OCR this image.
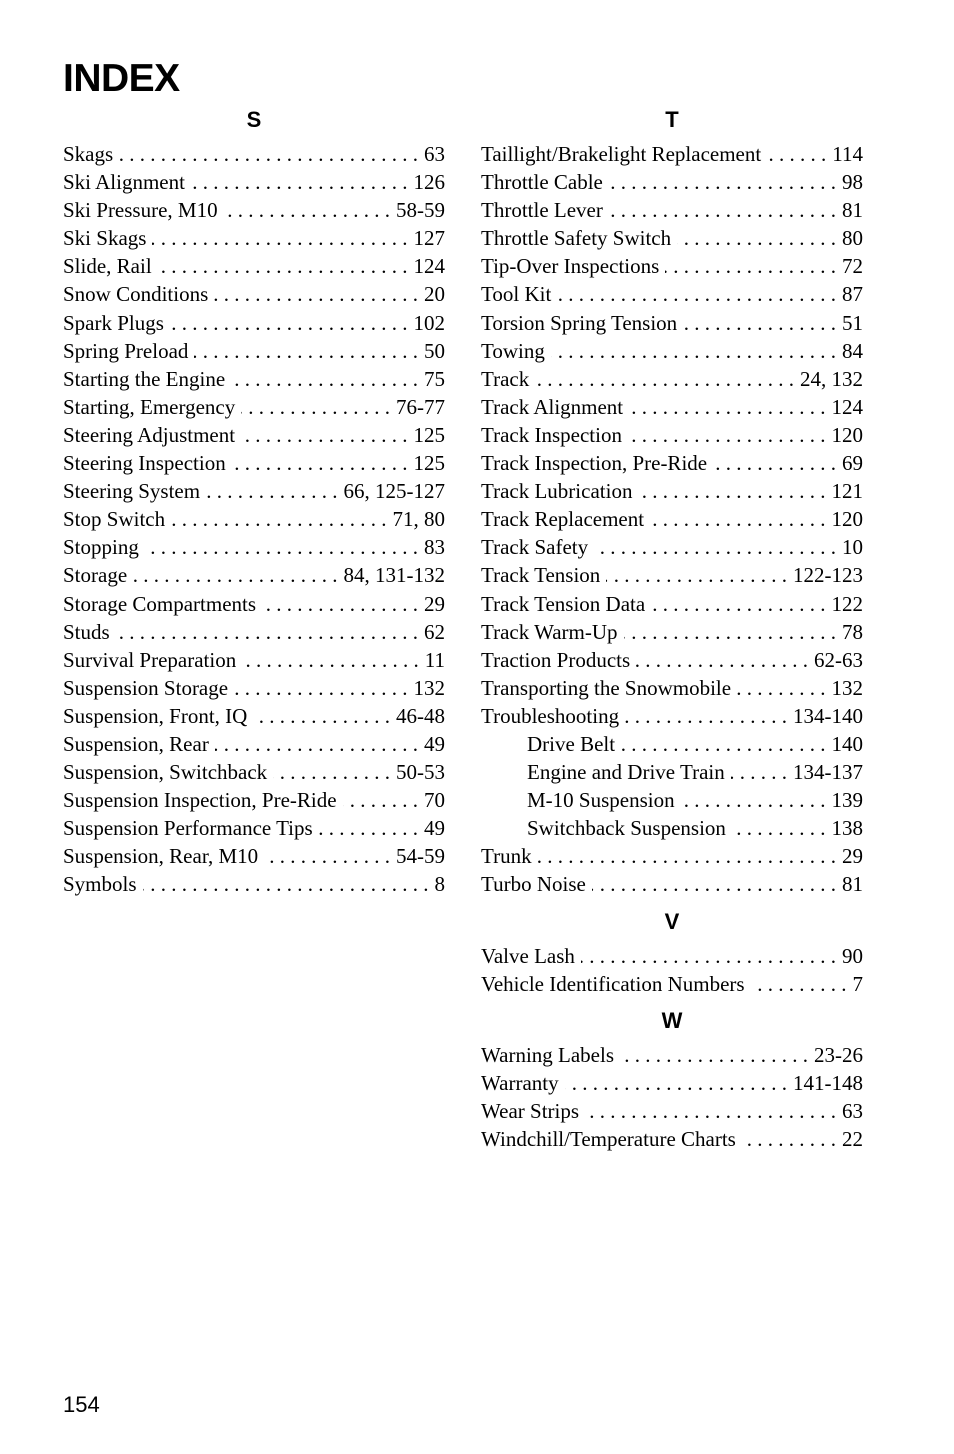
INDEX
S
Skags . . .	63
Ski Alignment . . .	126
Ski Pressure, M10 . . .	58-59
Ski Skags . . .	127
Slide, Rail . . .	124
Snow Conditions . . .	20
Spark Plugs . . .	102
Spring Preload . . .	50
Starting the Engine . . .	75
Starting, Emergency . . .	76-77
Steering Adjustment . . .	125
Steering Inspection . . .	125
Steering System . . .	66, 125-127
Stop Switch . . .	71, 80
Stopping . . .	83
Storage . . .	84, 131-132
Storage Compartments . . .	29
Studs . . .	62
Survival Preparation . . .	11
Suspension Storage . . .	132
Suspension, Front, IQ . . .	46-48
Suspension, Rear . . .	49
Suspension, Switchback . . .	50-53
Suspension Inspection, Pre-Ride . . .	70
Suspension Performance Tips . . .	49
Suspension, Rear, M10 . . .	54-59
Symbols . . .	8
T
Taillight/Brakelight Replacement . . .	114
Throttle Cable . . .	98
Throttle Lever . . .	81
Throttle Safety Switch . . .	80
Tip-Over Inspections . . .	72
Tool Kit . . .	87
Torsion Spring Tension . . .	51
Towing . . .	84
Track . . .	24, 132
Track Alignment . . .	124
Track Inspection . . .	120
Track Inspection, Pre-Ride . . .	69
Track Lubrication . . .	121
Track Replacement . . .	120
Track Safety . . .	10
Track Tension . . .	122-123
Track Tension Data . . .	122
Track Warm-Up . . .	78
Traction Products . . .	62-63
Transporting the Snowmobile . . .	132
Troubleshooting . . .	134-140
Drive Belt . . .	140
Engine and Drive Train . . .	134-137
M-10 Suspension . . .	139
Switchback Suspension . . .	138
Trunk . . .	29
Turbo Noise . . .	81
V
Valve Lash . . .	90
Vehicle Identification Numbers . . .	7
W
Warning Labels . . .	23-26
Warranty . . .	141-148
Wear Strips . . .	63
Windchill/Temperature Charts . . .	22
154
